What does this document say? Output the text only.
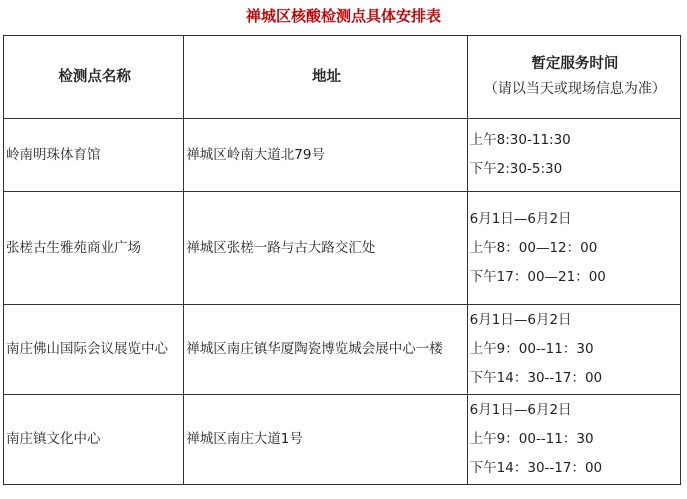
禅城区核酸检测点具体安排表
检测点名称	地址	暂定服务时间
（请以当天或现场信息为准）

岭南明珠体育馆	禅城区岭南大道北79号	上午8:30-11:30
下午2:30-5:30

张槎古生雅苑商业广场	禅城区张槎一路与古大路交汇处	6月1日—6月2日
上午8：00—12：00
下午17：00—21：00

南庄佛山国际会议展览中心	禅城区南庄镇华厦陶瓷博览城会展中心一楼	6月1日—6月2日
上午9：00--11：30
下午14：30--17：00

南庄镇文化中心	禅城区南庄大道1号	6月1日—6月2日
上午9：00--11：30
下午14：30--17：00
